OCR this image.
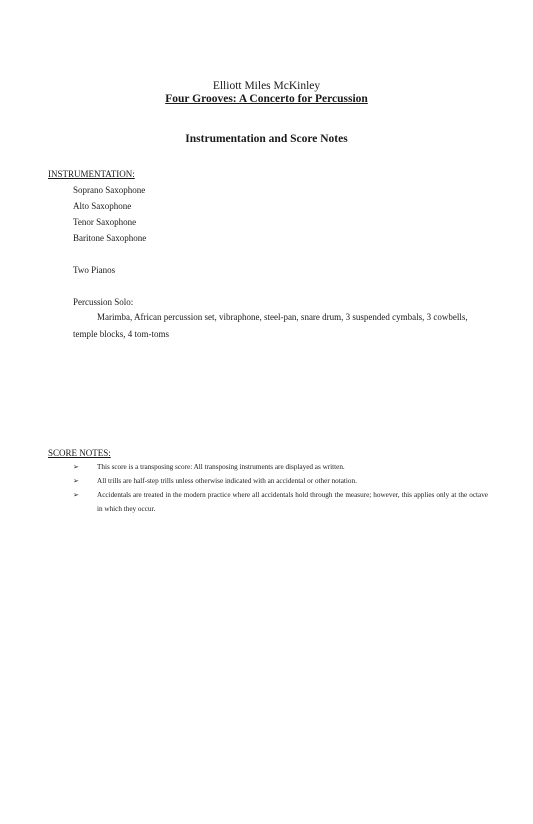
Elliott Miles McKinley
Four Grooves: A Concerto for Percussion
Instrumentation and Score Notes
INSTRUMENTATION:
Soprano Saxophone
Alto Saxophone
Tenor Saxophone
Baritone Saxophone
Two Pianos
Percussion Solo:
Marimba, African percussion set, vibraphone, steel-pan, snare drum, 3 suspended cymbals, 3 cowbells, temple blocks, 4 tom-toms
SCORE NOTES:
➢ This score is a transposing score: All transposing instruments are displayed as written.
➢ All trills are half-step trills unless otherwise indicated with an accidental or other notation.
➢ Accidentals are treated in the modern practice where all accidentals hold through the measure; however, this applies only at the octave in which they occur.
